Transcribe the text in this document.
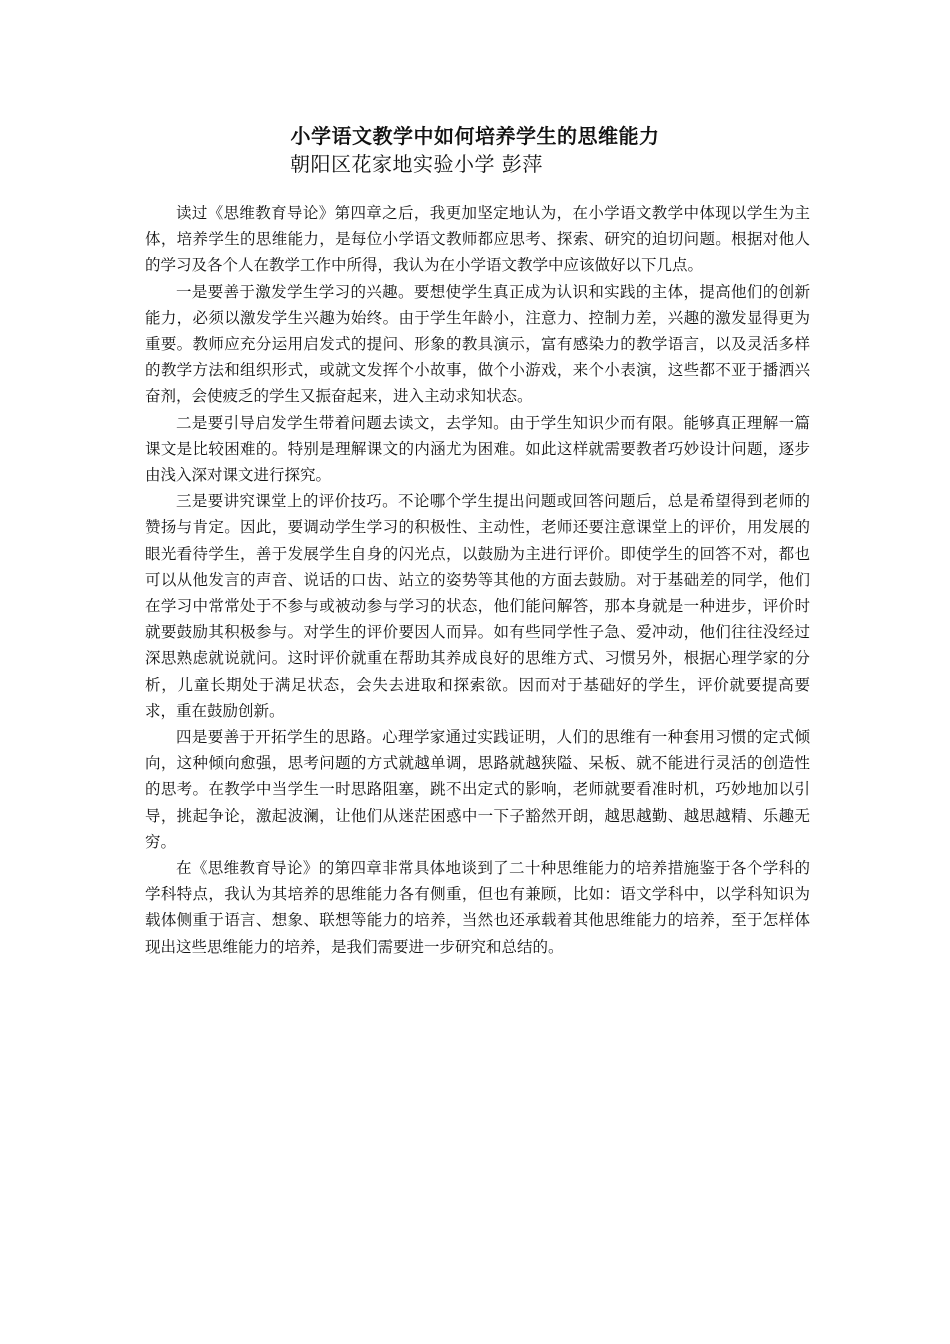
小学语文教学中如何培养学生的思维能力
朝阳区花家地实验小学 彭萍

读过《思维教育导论》第四章之后，我更加坚定地认为，在小学语文教学中体现以学生为主体，培养学生的思维能力，是每位小学语文教师都应思考、探索、研究的迫切问题。根据对他人的学习及各个人在教学工作中所得，我认为在小学语文教学中应该做好以下几点。

一是要善于激发学生学习的兴趣。要想使学生真正成为认识和实践的主体，提高他们的创新能力，必须以激发学生兴趣为始终。由于学生年龄小，注意力、控制力差，兴趣的激发显得更为重要。教师应充分运用启发式的提问、形象的教具演示，富有感染力的教学语言，以及灵活多样的教学方法和组织形式，或就文发挥个小故事，做个小游戏，来个小表演，这些都不亚于播洒兴奋剂，会使疲乏的学生又振奋起来，进入主动求知状态。

二是要引导启发学生带着问题去读文，去学知。由于学生知识少而有限。能够真正理解一篇课文是比较困难的。特别是理解课文的内涵尤为困难。如此这样就需要教者巧妙设计问题，逐步由浅入深对课文进行探究。

三是要讲究课堂上的评价技巧。不论哪个学生提出问题或回答问题后，总是希望得到老师的赞扬与肯定。因此，要调动学生学习的积极性、主动性，老师还要注意课堂上的评价，用发展的眼光看待学生，善于发展学生自身的闪光点，以鼓励为主进行评价。即使学生的回答不对，都也可以从他发言的声音、说话的口齿、站立的姿势等其他的方面去鼓励。对于基础差的同学，他们在学习中常常处于不参与或被动参与学习的状态，他们能问解答，那本身就是一种进步，评价时就要鼓励其积极参与。对学生的评价要因人而异。如有些同学性子急、爱冲动，他们往往没经过深思熟虑就说就问。这时评价就重在帮助其养成良好的思维方式、习惯另外，根据心理学家的分析，儿童长期处于满足状态，会失去进取和探索欲。因而对于基础好的学生，评价就要提高要求，重在鼓励创新。

四是要善于开拓学生的思路。心理学家通过实践证明，人们的思维有一种套用习惯的定式倾向，这种倾向愈强，思考问题的方式就越单调，思路就越狭隘、呆板、就不能进行灵活的创造性的思考。在教学中当学生一时思路阻塞，跳不出定式的影响，老师就要看准时机，巧妙地加以引导，挑起争论，激起波澜，让他们从迷茫困惑中一下子豁然开朗，越思越勤、越思越精、乐趣无穷。

在《思维教育导论》的第四章非常具体地谈到了二十种思维能力的培养措施鉴于各个学科的学科特点，我认为其培养的思维能力各有侧重，但也有兼顾，比如：语文学科中，以学科知识为载体侧重于语言、想象、联想等能力的培养，当然也还承载着其他思维能力的培养，至于怎样体现出这些思维能力的培养，是我们需要进一步研究和总结的。
